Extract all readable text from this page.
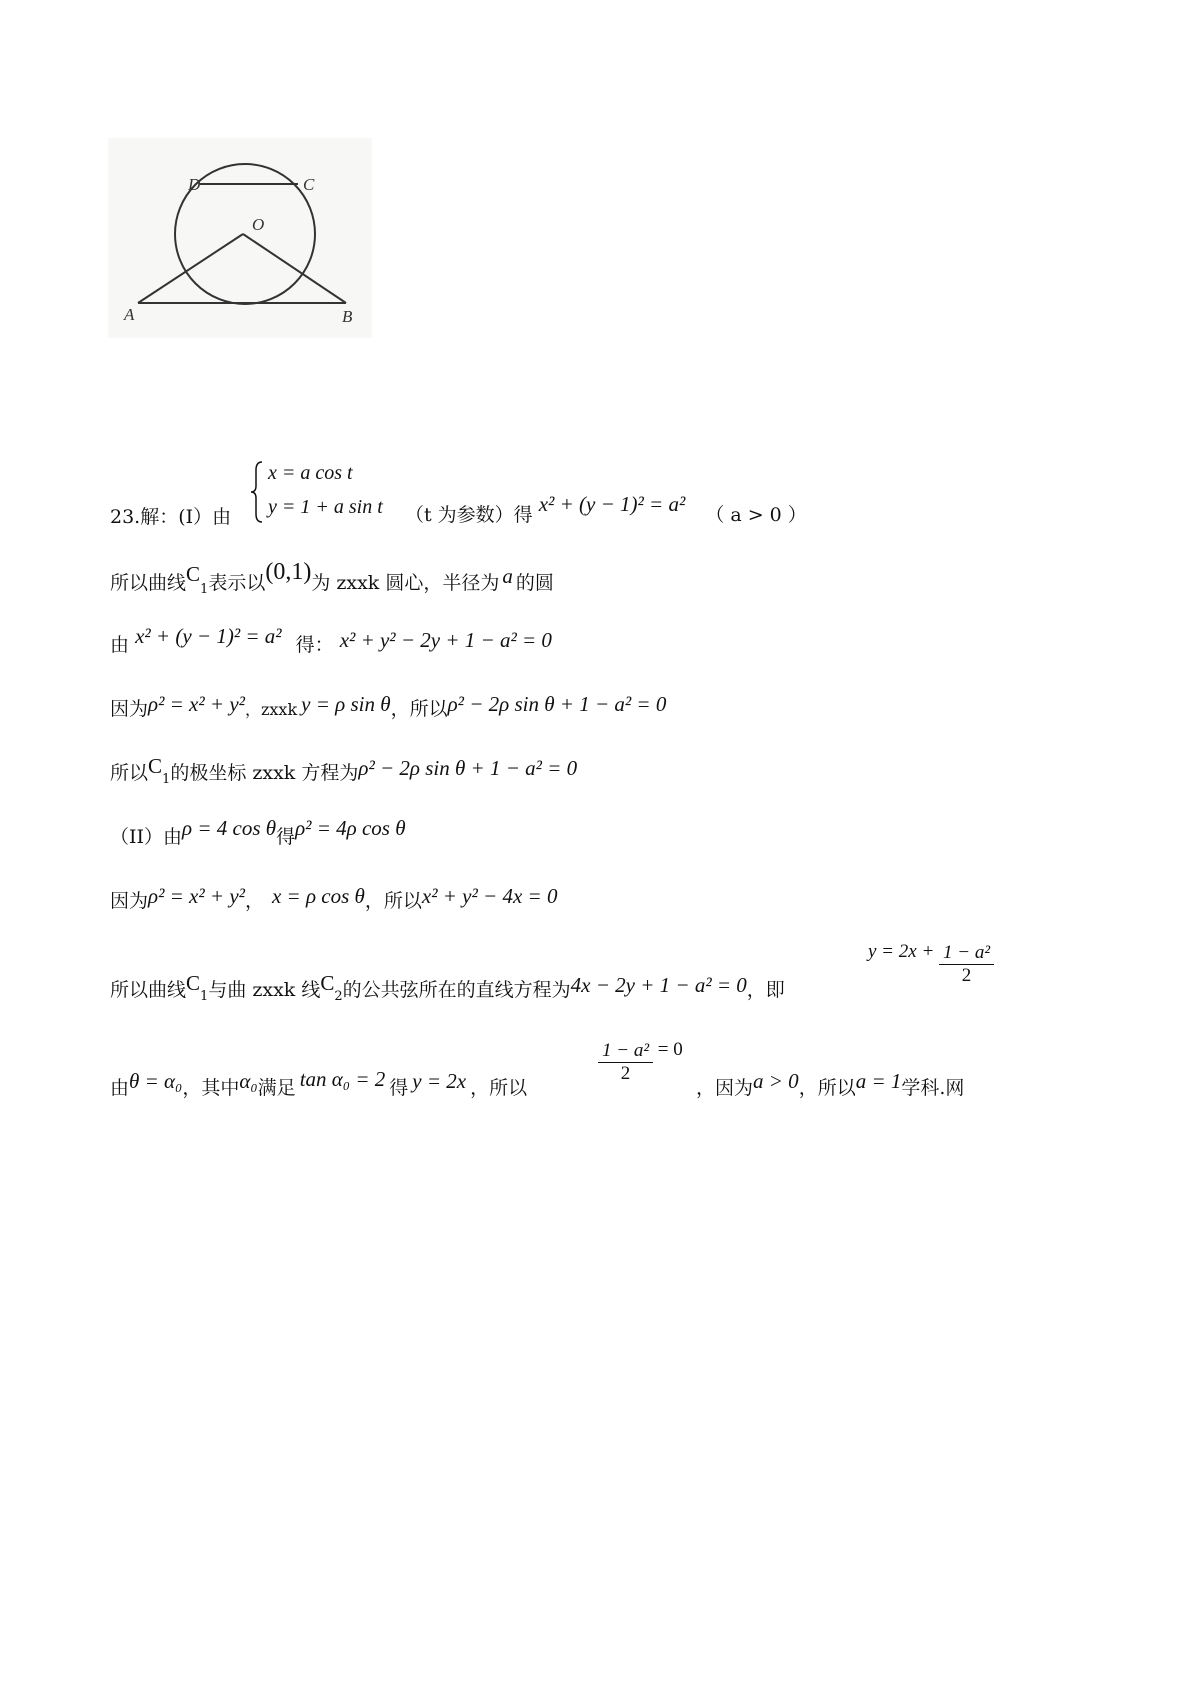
D	C
O
A	B
x = a cos t
y = 1 + a sin t
23.解：(I）由	（t 为参数）得 x² + (y − 1)² = a² （ a > 0 ）
所以曲线$C_1$表示以(0,1)为 zxxk 圆心，半径为 a 的圆
由 x² + (y − 1)² = a² 得： x² + y² − 2y + 1 − a² = 0
因为ρ² = x² + y²，zxxk y = ρ sin θ，所以ρ² − 2ρ sin θ + 1 − a² = 0
所以$C_1$的极坐标 zxxk 方程为ρ² − 2ρ sin θ + 1 − a² = 0
（II）由ρ = 4 cos θ得ρ² = 4ρ cos θ
因为ρ² = x² + y²， x = ρ cos θ，所以x² + y² − 4x = 0
所以曲线$C_1$与曲 zxxk 线$C_2$的公共弦所在的直线方程为4x − 2y + 1 − a² = 0，即
$y = 2x + \frac{\text{1 − a²}}{2}$
由θ = α₀，其中α₀满足 tan α₀ = 2 得 y = 2x ，所以
$\frac{\text{1 − a²}}{2} = 0$
，因为a > 0，所以a = 1学科.网
